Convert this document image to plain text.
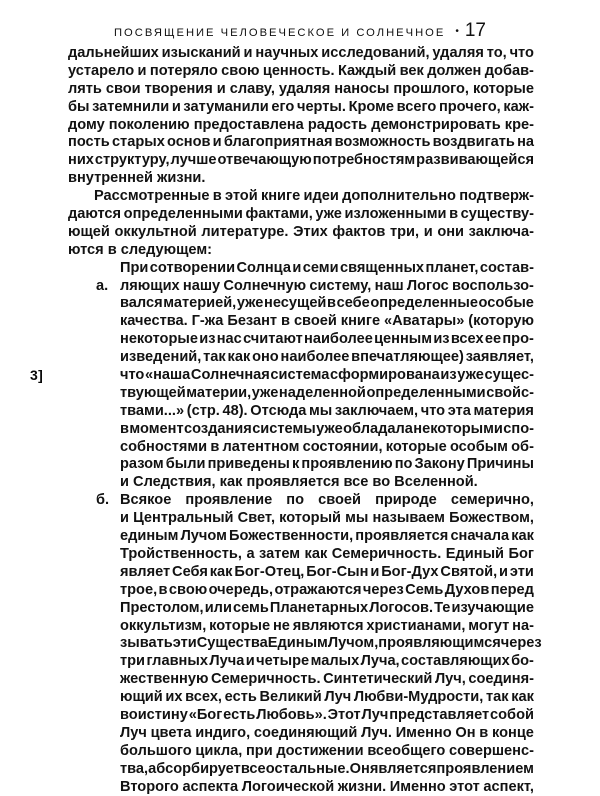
ПОСВЯЩЕНИЕ ЧЕЛОВЕЧЕСКОЕ И СОЛНЕЧНОЕ • 17
дальнейших изысканий и научных исследований, удаляя то, что
устарело и потеряло свою ценность. Каждый век должен добав-
лять свои творения и славу, удаляя наносы прошлого, которые
бы затемнили и затуманили его черты. Кроме всего прочего, каж-
дому поколению предоставлена радость демонстрировать кре-
пость старых основ и благоприятная возможность воздвигать на
них структуру, лучше отвечающую потребностям развивающейся
внутренней жизни.
Рассмотренные в этой книге идеи дополнительно подтверж-
даются определенными фактами, уже изложенными в существу-
ющей оккультной литературе. Этих фактов три, и они заключа-
ются в следующем:
При сотворении Солнца и семи священных планет, состав-
a. ляющих нашу Солнечную систему, наш Логос воспользо-
вался материей, уже несущей в себе определенные особые
качества. Г-жа Безант в своей книге «Аватары» (которую
некоторые из нас считают наиболее ценным из всех ее про-
изведений, так как оно наиболее впечатляющее) заявляет,
3]	что «наша Солнечная система сформирована из уже сущес-
твующей материи, уже наделенной определенными свойс-
твами...» (стр. 48). Отсюда мы заключаем, что эта материя
в момент создания системы уже обладала некоторыми спо-
собностями в латентном состоянии, которые особым об-
разом были приведены к проявлению по Закону Причины
и Следствия, как проявляется все во Вселенной.
б. Всякое проявление по своей природе семерично,
и Центральный Свет, который мы называем Божеством,
единым Лучом Божественности, проявляется сначала как
Тройственность, а затем как Семеричность. Единый Бог
являет Себя как Бог-Отец, Бог-Сын и Бог-Дух Святой, и эти
трое, в свою очередь, отражаются через Семь Духов перед
Престолом, или семь Планетарных Логосов. Те изучающие
оккультизм, которые не являются христианами, могут на-
зывать эти Существа Единым Лучом, проявляющимся через
три главных Луча и четыре малых Луча, составляющих бо-
жественную Семеричность. Синтетический Луч, соединя-
ющий их всех, есть Великий Луч Любви-Мудрости, так как
воистину «Бог есть Любовь». Этот Луч представляет собой
Луч цвета индиго, соединяющий Луч. Именно Он в конце
большого цикла, при достижении всеобщего совершенс-
тва, абсорбирует все остальные. Он является проявлением
Второго аспекта Логоической жизни. Именно этот аспект,
